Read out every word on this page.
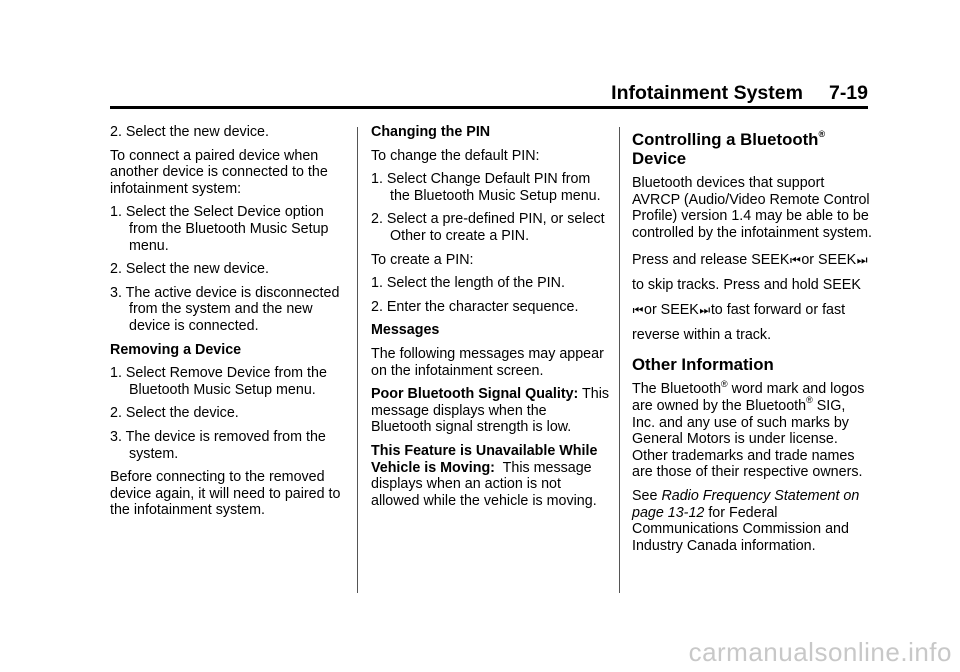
Infotainment System 7-19

2. Select the new device.

To connect a paired device when another device is connected to the infotainment system:

1. Select the Select Device option from the Bluetooth Music Setup menu.

2. Select the new device.

3. The active device is disconnected from the system and the new device is connected.

Removing a Device

1. Select Remove Device from the Bluetooth Music Setup menu.

2. Select the device.

3. The device is removed from the system.

Before connecting to the removed device again, it will need to paired to the infotainment system.

Changing the PIN

To change the default PIN:

1. Select Change Default PIN from the Bluetooth Music Setup menu.

2. Select a pre-defined PIN, or select Other to create a PIN.

To create a PIN:

1. Select the length of the PIN.

2. Enter the character sequence.

Messages

The following messages may appear on the infotainment screen.

Poor Bluetooth Signal Quality: This message displays when the Bluetooth signal strength is low.

This Feature is Unavailable While Vehicle is Moving: This message displays when an action is not allowed while the vehicle is moving.

Controlling a Bluetooth®
Device

Bluetooth devices that support AVRCP (Audio/Video Remote Control Profile) version 1.4 may be able to be controlled by the infotainment system.

Press and release SEEK⏮or SEEK⏭to skip tracks. Press and hold SEEK⏮or SEEK⏭to fast forward or fast reverse within a track.

Other Information

The Bluetooth® word mark and logos are owned by the Bluetooth® SIG, Inc. and any use of such marks by General Motors is under license. Other trademarks and trade names are those of their respective owners.

See Radio Frequency Statement on page 13-12 for Federal Communications Commission and Industry Canada information.

carmanualsonline.info
